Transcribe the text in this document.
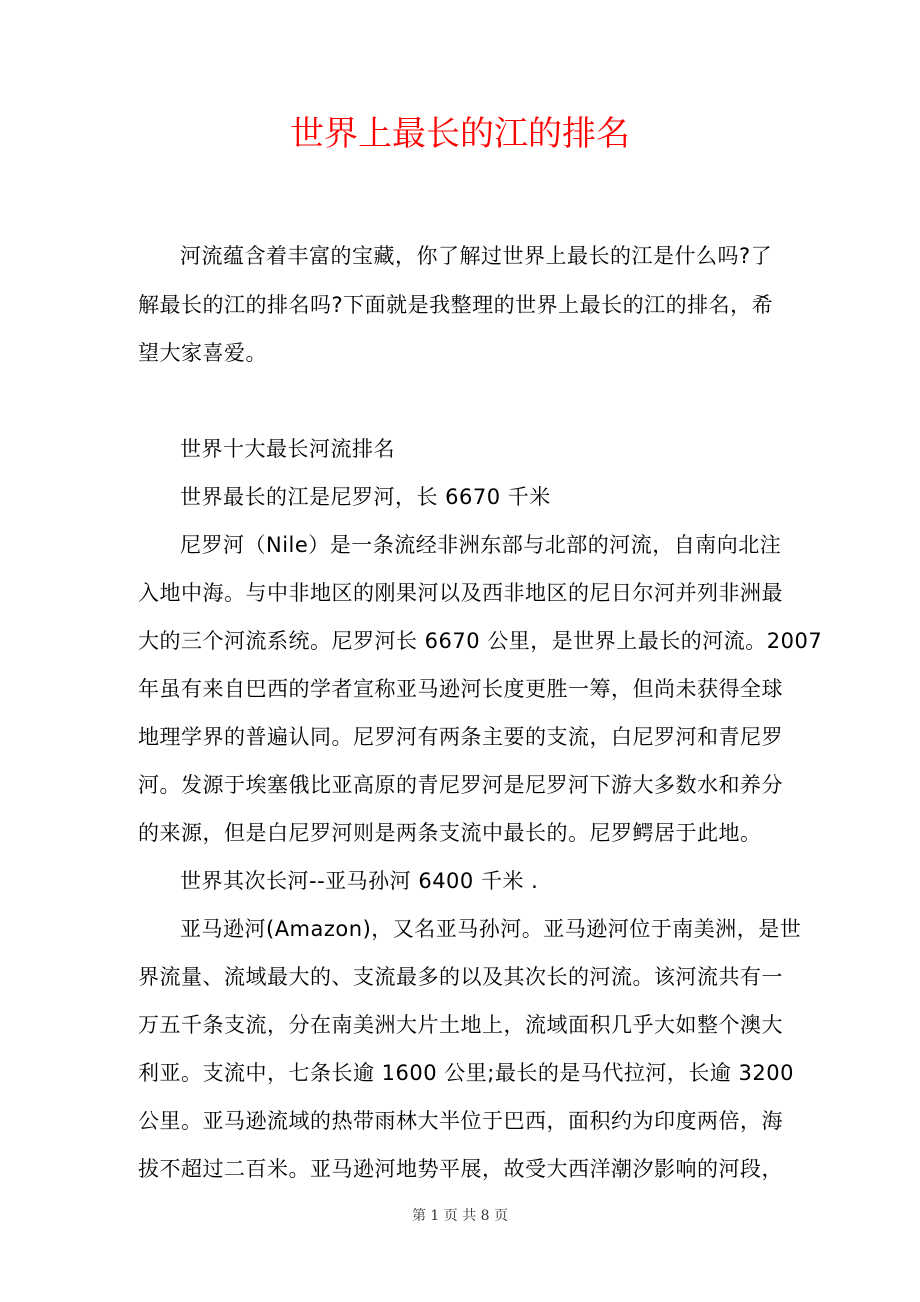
世界上最长的江的排名
河流蕴含着丰富的宝藏，你了解过世界上最长的江是什么吗?了
解最长的江的排名吗?下面就是我整理的世界上最长的江的排名，希
望大家喜爱。
世界十大最长河流排名
世界最长的江是尼罗河，长 6670 千米
尼罗河（Nile）是一条流经非洲东部与北部的河流，自南向北注
入地中海。与中非地区的刚果河以及西非地区的尼日尔河并列非洲最
大的三个河流系统。尼罗河长 6670 公里，是世界上最长的河流。2007
年虽有来自巴西的学者宣称亚马逊河长度更胜一筹，但尚未获得全球
地理学界的普遍认同。尼罗河有两条主要的支流，白尼罗河和青尼罗
河。发源于埃塞俄比亚高原的青尼罗河是尼罗河下游大多数水和养分
的来源，但是白尼罗河则是两条支流中最长的。尼罗鳄居于此地。
世界其次长河--亚马孙河 6400 千米 .
亚马逊河(Amazon)，又名亚马孙河。亚马逊河位于南美洲，是世
界流量、流域最大的、支流最多的以及其次长的河流。该河流共有一
万五千条支流，分在南美洲大片土地上，流域面积几乎大如整个澳大
利亚。支流中，七条长逾 1600 公里;最长的是马代拉河，长逾 3200
公里。亚马逊流域的热带雨林大半位于巴西，面积约为印度两倍，海
拔不超过二百米。亚马逊河地势平展，故受大西洋潮汐影响的河段，
第 1 页 共 8 页
